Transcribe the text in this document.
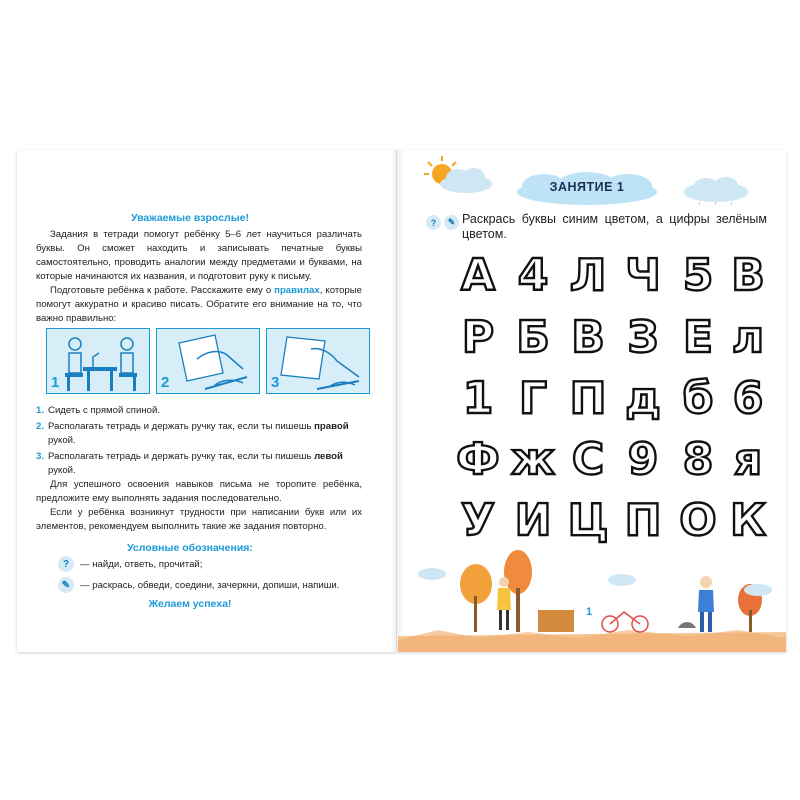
Уважаемые взрослые!
Задания в тетради помогут ребёнку 5–6 лет научиться различать буквы. Он сможет находить и записывать печатные буквы самостоятельно, проводить аналогии между предметами и буквами, на которые начинаются их названия, и подготовит руку к письму.
Подготовьте ребёнка к работе. Расскажите ему о правилах, которые помогут аккуратно и красиво писать. Обратите его внимание на то, что важно правильно:
1	2	3
1. Сидеть с прямой спиной.
2. Располагать тетрадь и держать ручку так, если ты пишешь правой рукой.
3. Располагать тетрадь и держать ручку так, если ты пишешь левой рукой.
Для успешного освоения навыков письма не торопите ребёнка, предложите ему выполнять задания последовательно.
Если у ребёнка возникнут трудности при написании букв или их элементов, рекомендуем выполнить такие же задания повторно.
Условные обозначения:
?	— найди, ответь, прочитай;
✎	— раскрась, обведи, соедини, зачеркни, допиши, напиши.
Желаем успеха!
ЗАНЯТИЕ 1
?	✎ Раскрась буквы синим цветом, а цифры зелёным цветом.
А 4 Л Ч 5 В
Р Б В З Е л
1 Г П д б 6
Ф ж С 9 8 я
У И Ц П О К
1
